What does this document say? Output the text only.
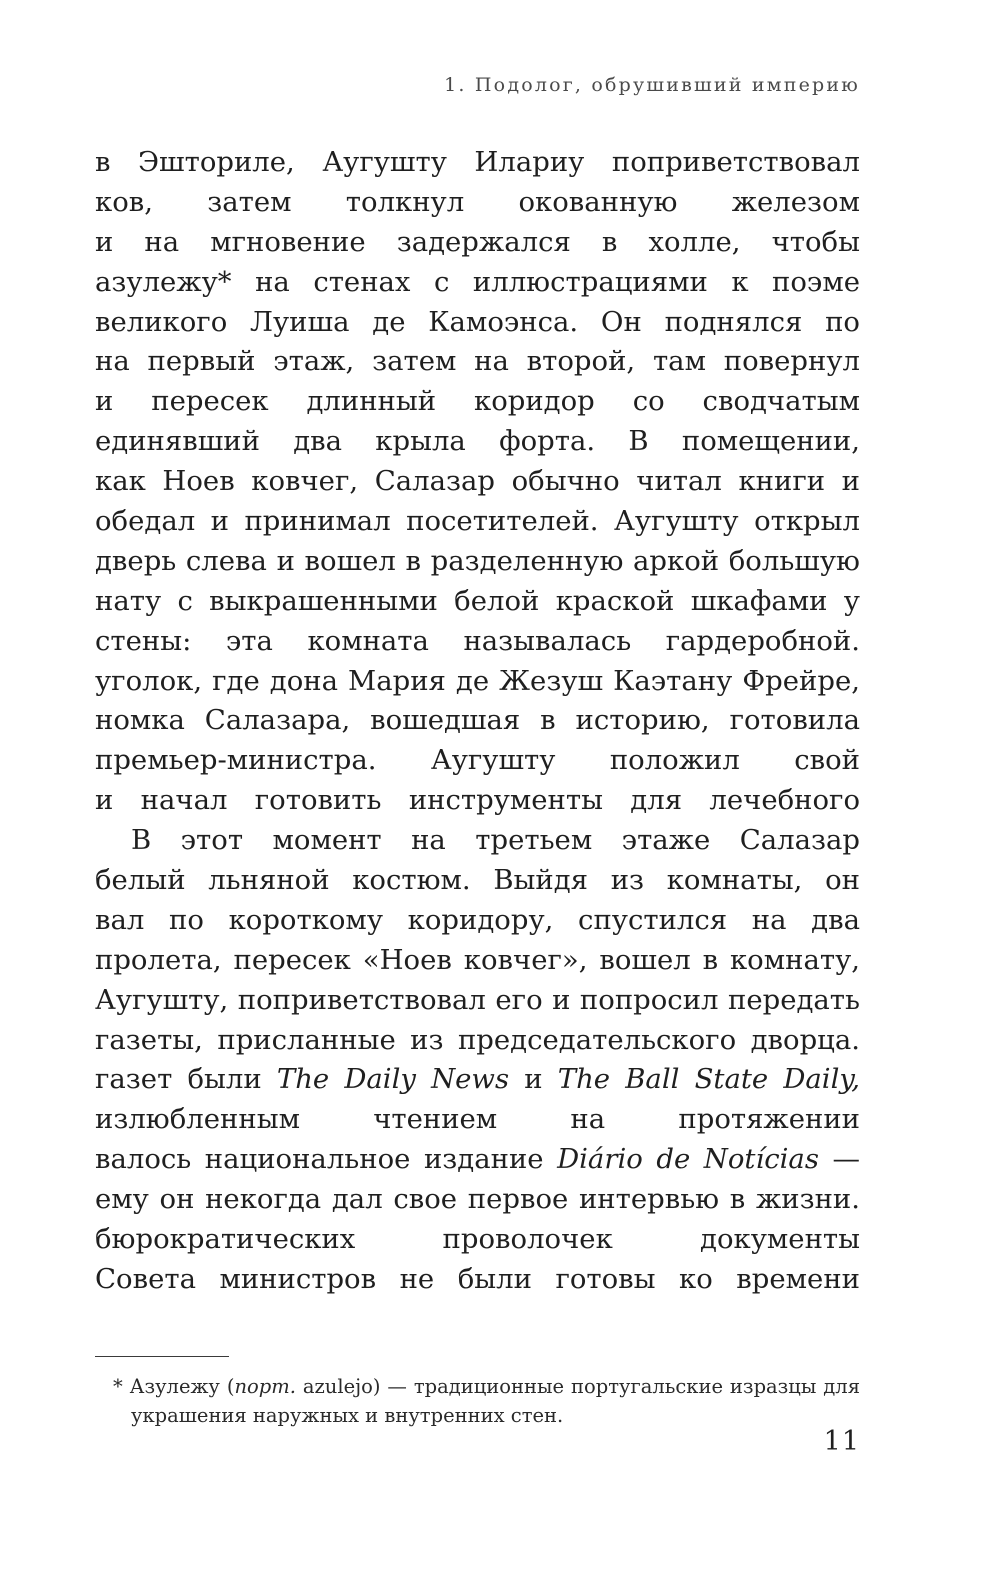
1. Подолог, обрушивший империю
в Эшториле, Аугушту Илариу поприветствовал
ков, затем толкнул окованную железом
и на мгновение задержался в холле, чтобы
азулежу* на стенах с иллюстрациями к поэме
великого Луиша де Камоэнса. Он поднялся по
на первый этаж, затем на второй, там повернул
и пересек длинный коридор со сводчатым
единявший два крыла форта. В помещении,
как Ноев ковчег, Салазар обычно читал книги и
обедал и принимал посетителей. Аугушту открыл
дверь слева и вошел в разделенную аркой большую
нату с выкрашенными белой краской шкафами у
стены: эта комната называлась гардеробной.
уголок, где дона Мария де Жезуш Каэтану Фрейре,
номка Салазара, вошедшая в историю, готовила
премьер-министра. Аугушту положил свой
и начал готовить инструменты для лечебного
В этот момент на третьем этаже Салазар
белый льняной костюм. Выйдя из комнаты, он
вал по короткому коридору, спустился на два
пролета, пересек «Ноев ковчег», вошел в комнату,
Аугушту, поприветствовал его и попросил передать
газеты, присланные из председательского дворца.
газет были The Daily News и The Ball State Daily,
излюбленным чтением на протяжении
валось национальное издание Diário de Notícias —
ему он некогда дал свое первое интервью в жизни.
бюрократических проволочек документы
Совета министров не были готовы ко времени
* Азулежу (порт. azulejo) — традиционные португальские изразцы для
украшения наружных и внутренних стен.
11
